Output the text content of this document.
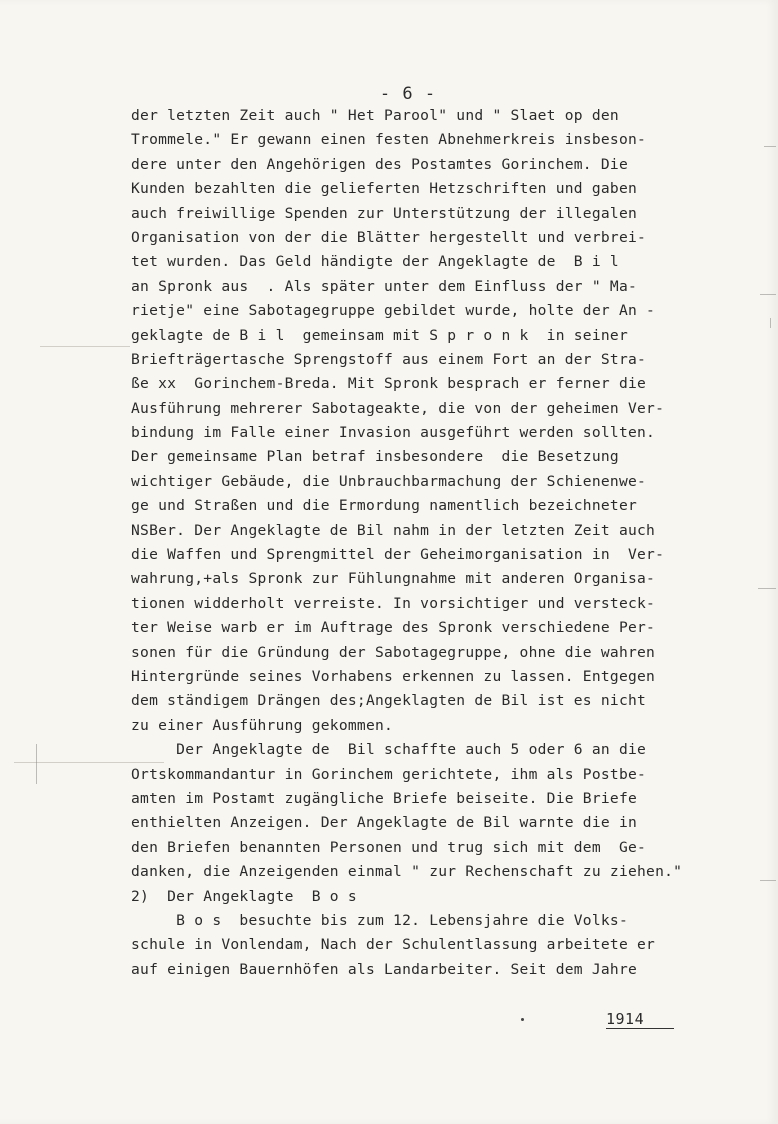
- 6 -
der letzten Zeit auch " Het Parool" und " Slaet op den
Trommele." Er gewann einen festen Abnehmerkreis insbeson-
dere unter den Angehörigen des Postamtes Gorinchem. Die
Kunden bezahlten die gelieferten Hetzschriften und gaben
auch freiwillige Spenden zur Unterstützung der illegalen
Organisation von der die Blätter hergestellt und verbrei-
tet wurden. Das Geld händigte der Angeklagte de  B i l
an Spronk aus  . Als später unter dem Einfluss der " Ma-
rietje" eine Sabotagegruppe gebildet wurde, holte der An -
geklagte de B i l  gemeinsam mit S p r o n k  in seiner
Briefträgertasche Sprengstoff aus einem Fort an der Stra-
ße xx  Gorinchem-Breda. Mit Spronk besprach er ferner die
Ausführung mehrerer Sabotageakte, die von der geheimen Ver-
bindung im Falle einer Invasion ausgeführt werden sollten.
Der gemeinsame Plan betraf insbesondere  die Besetzung
wichtiger Gebäude, die Unbrauchbarmachung der Schienenwe-
ge und Straßen und die Ermordung namentlich bezeichneter
NSBer. Der Angeklagte de Bil nahm in der letzten Zeit auch
die Waffen und Sprengmittel der Geheimorganisation in  Ver-
wahrung,+als Spronk zur Fühlungnahme mit anderen Organisa-
tionen widderholt verreiste. In vorsichtiger und versteck-
ter Weise warb er im Auftrage des Spronk verschiedene Per-
sonen für die Gründung der Sabotagegruppe, ohne die wahren
Hintergründe seines Vorhabens erkennen zu lassen. Entgegen
dem ständigem Drängen des;Angeklagten de Bil ist es nicht
zu einer Ausführung gekommen.
Der Angeklagte de  Bil schaffte auch 5 oder 6 an die
Ortskommandantur in Gorinchem gerichtete, ihm als Postbe-
amten im Postamt zugängliche Briefe beiseite. Die Briefe
enthielten Anzeigen. Der Angeklagte de Bil warnte die in
den Briefen benannten Personen und trug sich mit dem  Ge-
danken, die Anzeigenden einmal " zur Rechenschaft zu ziehen."
2)  Der Angeklagte  B o s
B o s  besuchte bis zum 12. Lebensjahre die Volks-
schule in Vonlendam, Nach der Schulentlassung arbeitete er
auf einigen Bauernhöfen als Landarbeiter. Seit dem Jahre
1914
